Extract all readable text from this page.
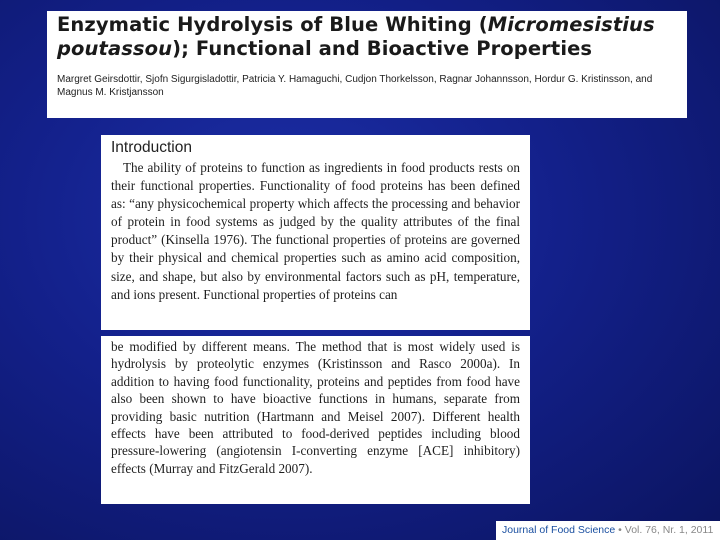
Enzymatic Hydrolysis of Blue Whiting (Micromesistius poutassou); Functional and Bioactive Properties
Margret Geirsdottir, Sjofn Sigurgisladottir, Patricia Y. Hamaguchi, Cudjon Thorkelsson, Ragnar Johannsson, Hordur G. Kristinsson, and Magnus M. Kristjansson
Introduction

The ability of proteins to function as ingredients in food products rests on their functional properties. Functionality of food proteins has been defined as: “any physicochemical property which affects the processing and behavior of protein in food systems as judged by the quality attributes of the final product” (Kinsella 1976). The functional properties of proteins are governed by their physical and chemical properties such as amino acid composition, size, and shape, but also by environmental factors such as pH, temperature, and ions present. Functional properties of proteins can

be modified by different means. The method that is most widely used is hydrolysis by proteolytic enzymes (Kristinsson and Rasco 2000a). In addition to having food functionality, proteins and peptides from food have also been shown to have bioactive functions in humans, separate from providing basic nutrition (Hartmann and Meisel 2007). Different health effects have been attributed to food-derived peptides including blood pressure-lowering (angiotensin I-converting enzyme [ACE] inhibitory) effects (Murray and FitzGerald 2007).

Journal of Food Science • Vol. 76, Nr. 1, 2011
